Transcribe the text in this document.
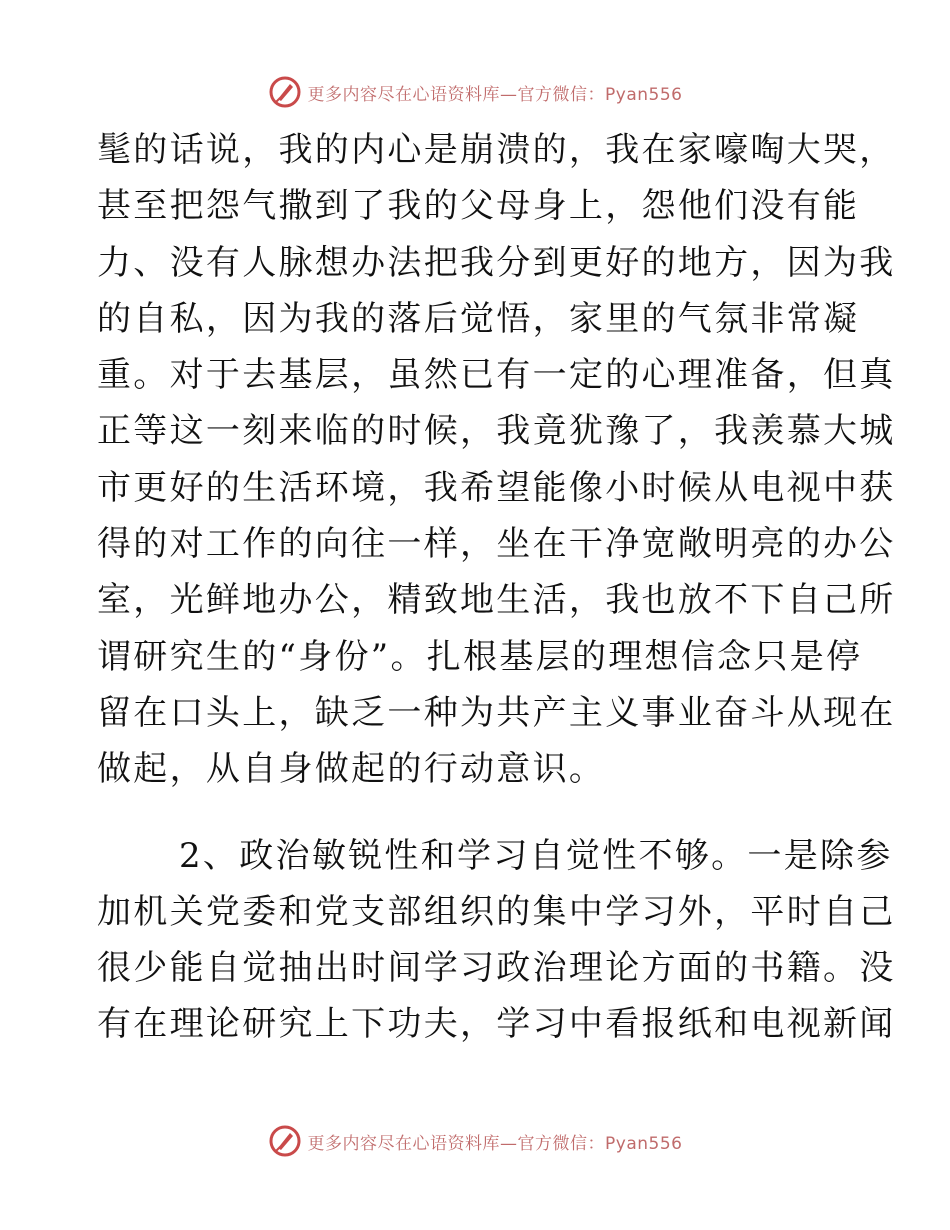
更多内容尽在心语资料库—官方微信：Pyan556
髦的话说，我的内心是崩溃的，我在家嚎啕大哭，
甚至把怨气撒到了我的父母身上，怨他们没有能
力、没有人脉想办法把我分到更好的地方，因为我
的自私，因为我的落后觉悟，家里的气氛非常凝
重。对于去基层，虽然已有一定的心理准备，但真
正等这一刻来临的时候，我竟犹豫了，我羡慕大城
市更好的生活环境，我希望能像小时候从电视中获
得的对工作的向往一样，坐在干净宽敞明亮的办公
室，光鲜地办公，精致地生活，我也放不下自己所
谓研究生的“身份”。扎根基层的理想信念只是停
留在口头上，缺乏一种为共产主义事业奋斗从现在
做起，从自身做起的行动意识。
2、政治敏锐性和学习自觉性不够。一是除参
加机关党委和党支部组织的集中学习外，平时自己
很少能自觉抽出时间学习政治理论方面的书籍。没
有在理论研究上下功夫，学习中看报纸和电视新闻
更多内容尽在心语资料库—官方微信：Pyan556
